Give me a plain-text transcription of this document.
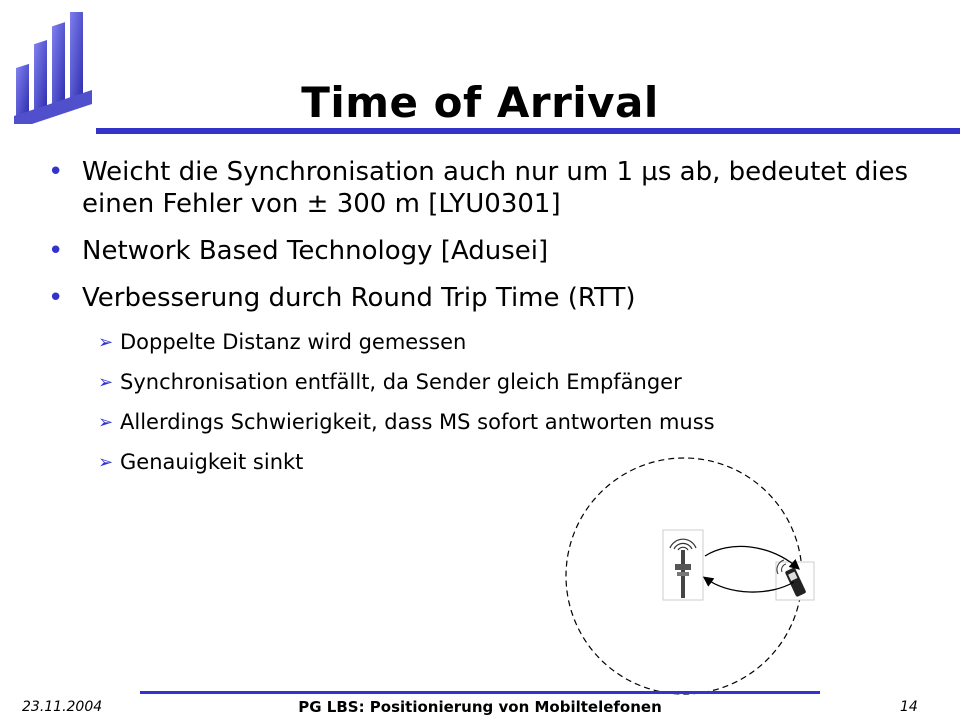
Time of Arrival
• Weicht die Synchronisation auch nur um 1 µs ab, bedeutet dies einen Fehler von ± 300 m [LYU0301]
• Network Based Technology [Adusei]
• Verbesserung durch Round Trip Time (RTT)
➢ Doppelte Distanz wird gemessen
➢ Synchronisation entfällt, da Sender gleich Empfänger
➢ Allerdings Schwierigkeit, dass MS sofort antworten muss
➢ Genauigkeit sinkt
23.11.2004	PG LBS: Positionierung von Mobiltelefonen	14
